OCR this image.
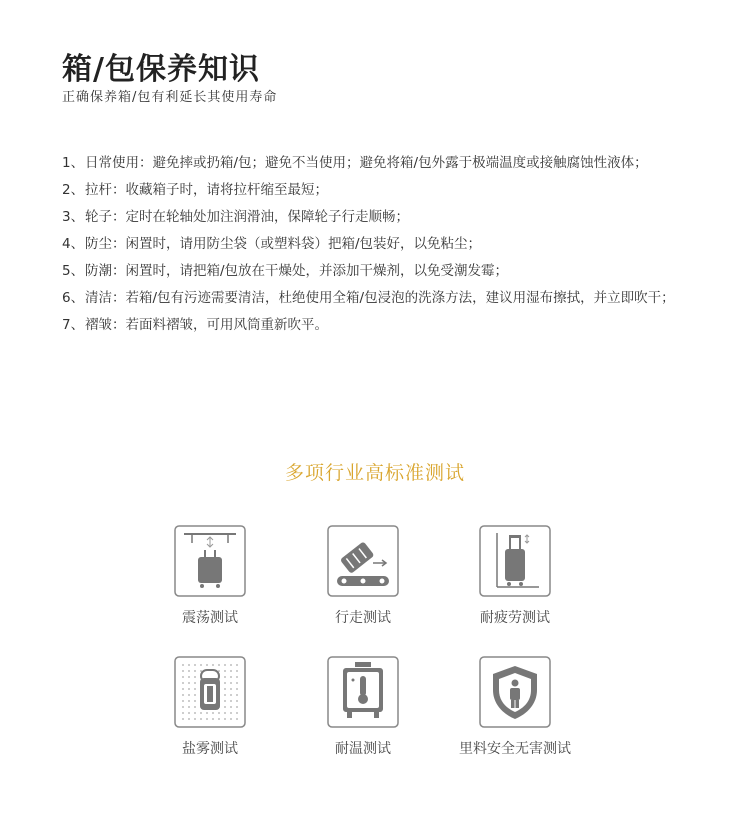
箱/包保养知识
正确保养箱/包有利延长其使用寿命
1、 日常使用：避免摔或扔箱/包；避免不当使用；避免将箱/包外露于极端温度或接触腐蚀性液体；
2、 拉杆：收藏箱子时，请将拉杆缩至最短；
3、 轮子：定时在轮轴处加注润滑油，保障轮子行走顺畅；
4、 防尘：闲置时，请用防尘袋（或塑料袋）把箱/包装好，以免粘尘；
5、 防潮：闲置时，请把箱/包放在干燥处，并添加干燥剂，以免受潮发霉；
6、 清洁：若箱/包有污迹需要清洁，杜绝使用全箱/包浸泡的洗涤方法，建议用湿布擦拭，并立即吹干；
7、 褶皱：若面料褶皱，可用风筒重新吹平。
多项行业高标准测试
震荡测试	行走测试	耐疲劳测试
盐雾测试	耐温测试	里料安全无害测试
